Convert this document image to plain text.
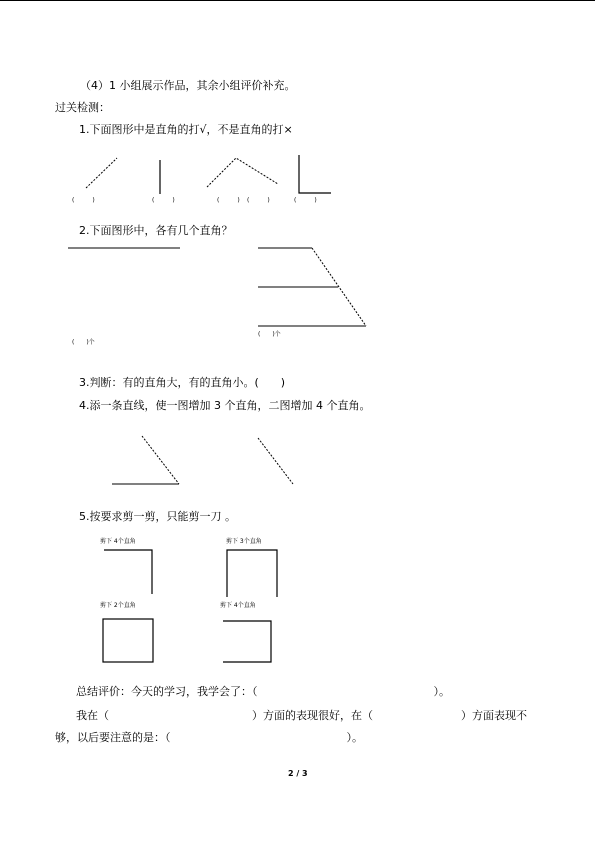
（4）1 小组展示作品，其余小组评价补充。
过关检测：
1.下面图形中是直角的打√，不是直角的打×
(　　　)	(　　　)	(　　　) (　　　)	(　　　)
2.下面图形中，各有几个直角？
(　　)个
(　　)个
3.判断：有的直角大，有的直角小。(　　)
4.添一条直线，使一图增加 3 个直角，二图增加 4 个直角。
5.按要求剪一剪，只能剪一刀 。
剪下 4个直角	剪下 3个直角
剪下 2个直角	剪下 4个直角
总结评价：今天的学习，我学会了：（　　　　　　　　　　　　　　　　）。
我在（　　　　　　　　　　　　　）方面的表现很好，在（　　　　　　　　）方面表现不
够，以后要注意的是：（　　　　　　　　　　　　　　　　）。
2 / 3
